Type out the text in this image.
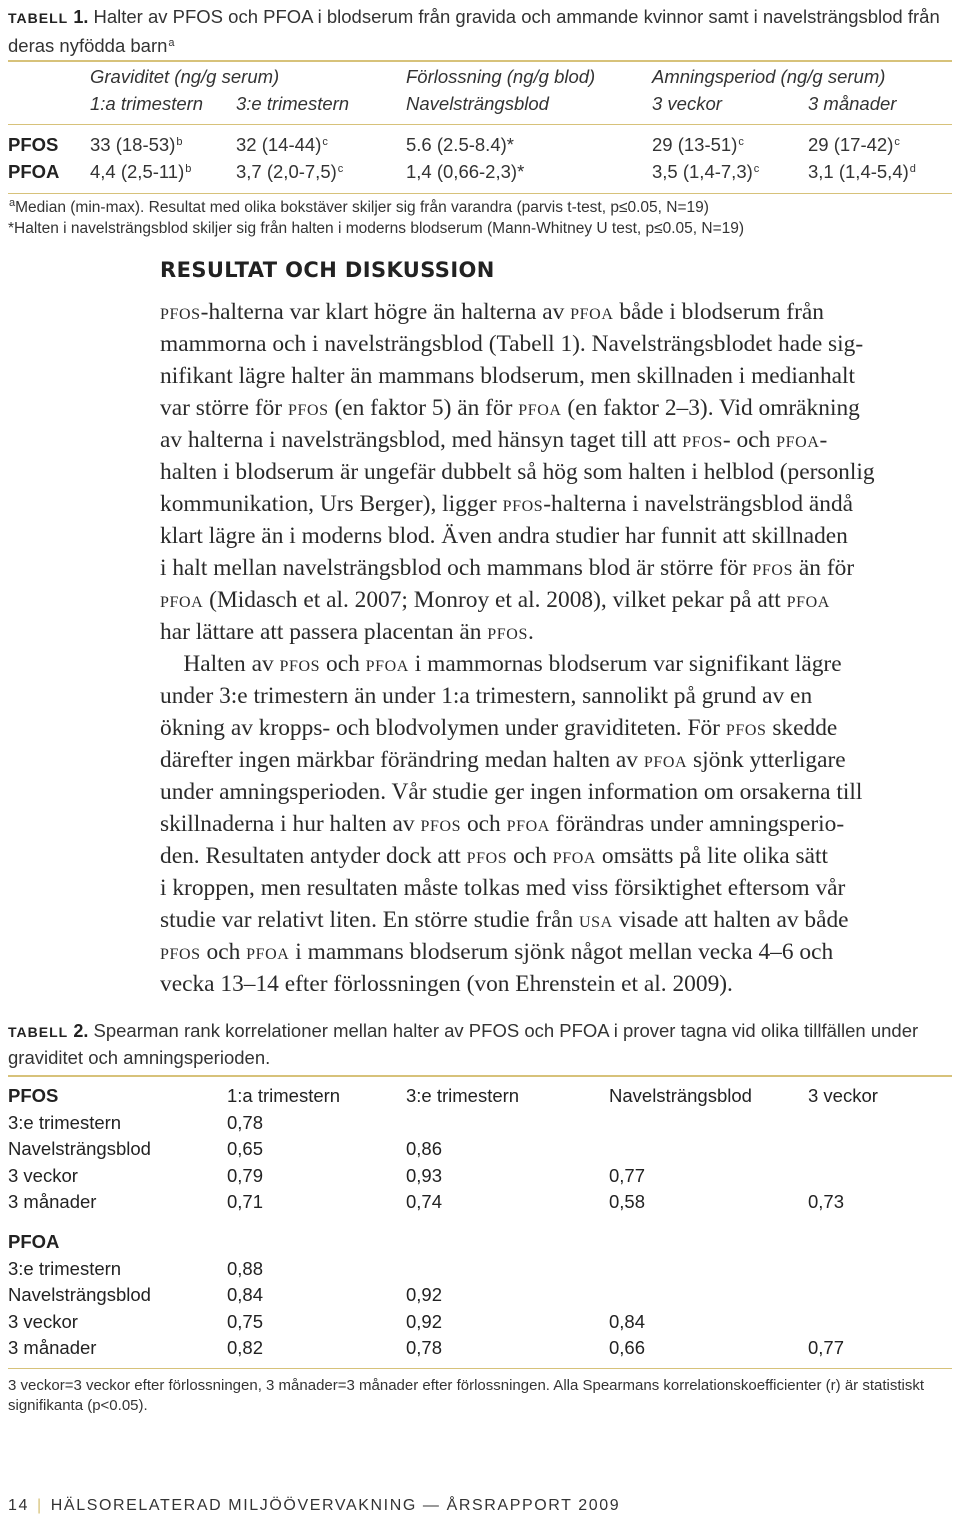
TABELL 1. Halter av PFOS och PFOA i blodserum från gravida och ammande kvinnor samt i navelsträngsblod från deras nyfödda barn$^a$
Graviditet (ng/g serum)	Förlossning (ng/g blod)	Amningsperiod (ng/g serum)
1:a trimestern 3:e trimestern	Navelsträngsblod	3 veckor	3 månader
PFOS 33 $(18-53)^b$	32 $(14-44)^c$	5.6 (2.5-8.4)*	29 $(13-51)^c$	29 $(17-42)^c$
PFOA 4,4 $(2,5-11)^b$ 3,7 $(2,0-7,5)^c$	1,4 (0,66-2,3)*	3,5 $(1,4-7,3)^c$	3,1 $(1,4-5,4)^d$
$^a$Median (min-max). Resultat med olika bokstäver skiljer sig från varandra (parvis t-test, p≤0.05, N=19)
*Halten i navelsträngsblod skiljer sig från halten i moderns blodserum (Mann-Whitney U test, p≤0.05, N=19)
RESULTAT OCH DISKUSSION
pfos-halterna var klart högre än halterna av pfoa både i blodserum från
mammorna och i navelsträngsblod (Tabell 1). Navelsträngsblodet hade sig-
nifikant lägre halter än mammans blodserum, men skillnaden i medianhalt
var större för pfos (en faktor 5) än för pfoa (en faktor 2–3). Vid omräkning
av halterna i navelsträngsblod, med hänsyn taget till att pfos- och pfoa-
halten i blodserum är ungefär dubbelt så hög som halten i helblod (personlig
kommunikation, Urs Berger), ligger pfos-halterna i navelsträngsblod ändå
klart lägre än i moderns blod. Även andra studier har funnit att skillnaden
i halt mellan navelsträngsblod och mammans blod är större för pfos än för
pfoa (Midasch et al. 2007; Monroy et al. 2008), vilket pekar på att pfoa
har lättare att passera placentan än pfos.
Halten av pfos och pfoa i mammornas blodserum var signifikant lägre
under 3:e trimestern än under 1:a trimestern, sannolikt på grund av en
ökning av kropps- och blodvolymen under graviditeten. För pfos skedde
därefter ingen märkbar förändring medan halten av pfoa sjönk ytterligare
under amningsperioden. Vår studie ger ingen information om orsakerna till
skillnaderna i hur halten av pfos och pfoa förändras under amningsperio-
den. Resultaten antyder dock att pfos och pfoa omsätts på lite olika sätt
i kroppen, men resultaten måste tolkas med viss försiktighet eftersom vår
studie var relativt liten. En större studie från usa visade att halten av både
pfos och pfoa i mammans blodserum sjönk något mellan vecka 4–6 och
vecka 13–14 efter förlossningen (von Ehrenstein et al. 2009).
TABELL 2. Spearman rank korrelationer mellan halter av PFOS och PFOA i prover tagna vid olika tillfällen under graviditet och amningsperioden.
PFOS	1:a trimestern	3:e trimestern	Navelsträngsblod	3 veckor
3:e trimestern	0,78
Navelsträngsblod	0,65	0,86
3 veckor	0,79	0,93	0,77
3 månader	0,71	0,74	0,58	0,73
PFOA
3:e trimestern	0,88
Navelsträngsblod	0,84	0,92
3 veckor	0,75	0,92	0,84
3 månader	0,82	0,78	0,66	0,77
3 veckor=3 veckor efter förlossningen, 3 månader=3 månader efter förlossningen. Alla Spearmans korrelationskoefficienter (r) är statistiskt signifikanta (p<0.05).
14 | HÄLSORELATERAD MILJÖÖVERVAKNING — ÅRSRAPPORT 2009
